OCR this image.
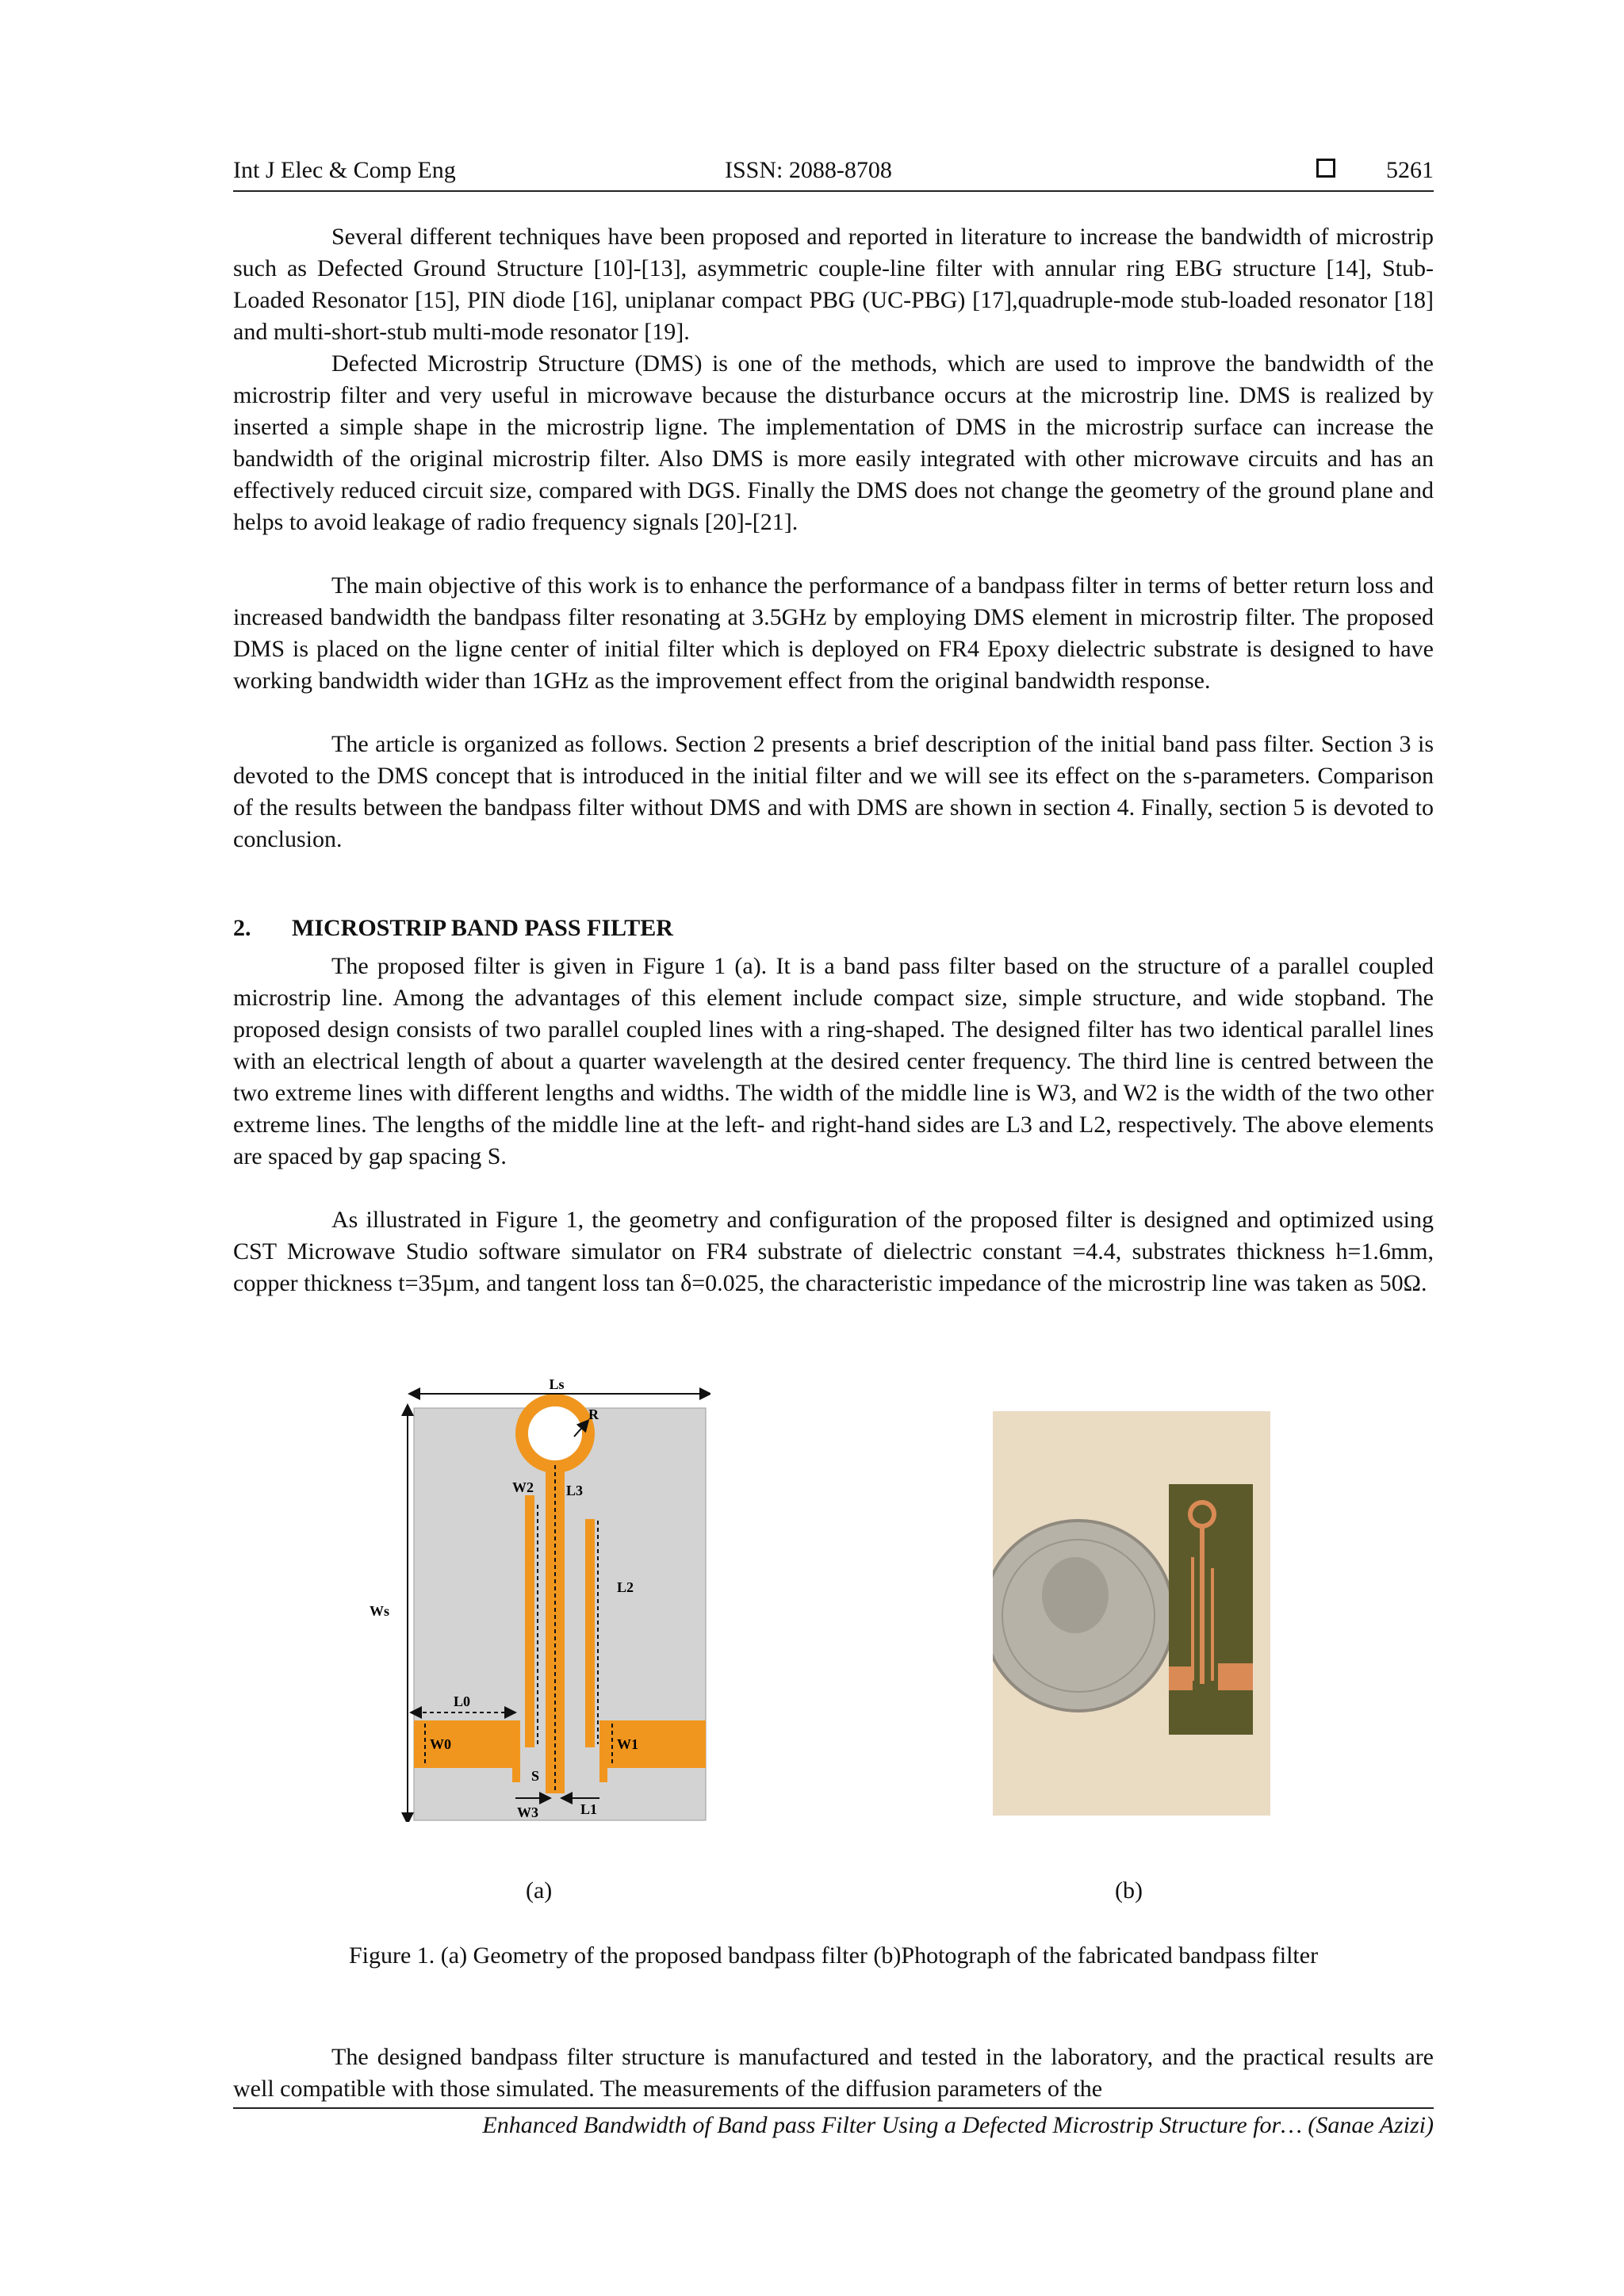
Int J Elec & Comp Eng	ISSN: 2088-8708	5261

Several different techniques have been proposed and reported in literature to increase the bandwidth of microstrip such as Defected Ground Structure [10]-[13], asymmetric couple-line filter with annular ring EBG structure [14], Stub-Loaded Resonator [15], PIN diode [16], uniplanar compact PBG (UC-PBG) [17],quadruple-mode stub-loaded resonator [18] and multi-short-stub multi-mode resonator [19].

Defected Microstrip Structure (DMS) is one of the methods, which are used to improve the bandwidth of the microstrip filter and very useful in microwave because the disturbance occurs at the microstrip line. DMS is realized by inserted a simple shape in the microstrip ligne. The implementation of DMS in the microstrip surface can increase the bandwidth of the original microstrip filter. Also DMS is more easily integrated with other microwave circuits and has an effectively reduced circuit size, compared with DGS. Finally the DMS does not change the geometry of the ground plane and helps to avoid leakage of radio frequency signals [20]-[21].

The main objective of this work is to enhance the performance of a bandpass filter in terms of better return loss and increased bandwidth the bandpass filter resonating at 3.5GHz by employing DMS element in microstrip filter. The proposed DMS is placed on the ligne center of initial filter which is deployed on FR4 Epoxy dielectric substrate is designed to have working bandwidth wider than 1GHz as the improvement effect from the original bandwidth response.

The article is organized as follows. Section 2 presents a brief description of the initial band pass filter. Section 3 is devoted to the DMS concept that is introduced in the initial filter and we will see its effect on the s-parameters. Comparison of the results between the bandpass filter without DMS and with DMS are shown in section 4. Finally, section 5 is devoted to conclusion.

2. MICROSTRIP BAND PASS FILTER

The proposed filter is given in Figure 1 (a). It is a band pass filter based on the structure of a parallel coupled microstrip line. Among the advantages of this element include compact size, simple structure, and wide stopband. The proposed design consists of two parallel coupled lines with a ring-shaped. The designed filter has two identical parallel lines with an electrical length of about a quarter wavelength at the desired center frequency. The third line is centred between the two extreme lines with different lengths and widths. The width of the middle line is W3, and W2 is the width of the two other extreme lines. The lengths of the middle line at the left- and right-hand sides are L3 and L2, respectively. The above elements are spaced by gap spacing S.

As illustrated in Figure 1, the geometry and configuration of the proposed filter is designed and optimized using CST Microwave Studio software simulator on FR4 substrate of dielectric constant =4.4, substrates thickness h=1.6mm, copper thickness t=35µm, and tangent loss tan δ=0.025, the characteristic impedance of the microstrip line was taken as 50Ω.

Ls
Ws
R
W2 L3
L2
L0
W0	W1
S
W3	L1
(a)	(b)
Figure 1. (a) Geometry of the proposed bandpass filter (b)Photograph of the fabricated bandpass filter

The designed bandpass filter structure is manufactured and tested in the laboratory, and the practical results are well compatible with those simulated. The measurements of the diffusion parameters of the

Enhanced Bandwidth of Band pass Filter Using a Defected Microstrip Structure for… (Sanae Azizi)
